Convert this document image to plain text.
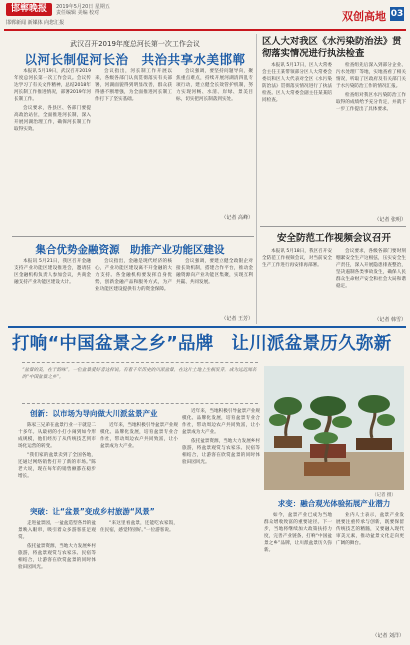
邯郸晚报	2019年5月20日 星期五
责任编辑 美编 校对
邯郸新闻 新媒体 向您汇报	双创高地 03
武汉召开2019年度总河长第一次工作会议
以河长制促河长治　共治共享水美邯郸

本报讯 5月19日，武汉召开2019年度总河长第一次工作会议。会议传达学习了有关文件精神，总结2018年河长制工作推进情况，部署2019年河长制工作。

会议要求，各县区、各部门要提高政治站位，全面推进河长制，深入开展河湖治理工作，确保河长制工作取得实效。

会议指出，河长制工作开展以来，各级各部门认真贯彻落实有关部署，河湖面貌得到明显改善，群众获得感不断增强，为全面推进河长制工作打下了坚实基础。

会议强调，要坚持问题导向，聚焦重点难点，持续开展河湖清四乱专项行动，建立健全长效管护机制，努力实现河畅、水清、岸绿、景美目标，切实把河长制落到实处。

（记者 高峰）
区人大对我区《水污染防治法》贯彻落实情况进行执法检查

本报讯 5月17日，区人大常委会主任王某带领部分区人大常委会委员和区人大代表对全区《水污染防治法》贯彻落实情况进行了执法检查。区人大常委会副主任某某陪同检查。

检查组先后深入到部分企业、污水处理厂等地，实地查看了相关情况，听取了区政府及有关部门关于水污染防治工作的情况汇报。

检查组对我区水污染防治工作取得的成绩给予充分肯定，并就下一步工作提出了具体要求。

（记者 张明）
安全防范工作视频会议召开

本报讯 5月18日，我区召开安全防范工作视频会议，对当前安全生产工作进行再安排再部署。

会议要求，各级各部门要时刻绷紧安全生产这根弦，压实安全生产责任，深入开展隐患排查整治，坚决遏制各类事故发生，确保人民群众生命财产安全和社会大局和谐稳定。

（记者 韩雪）
集合优势金融资源　助推产业功能区建设

本报讯 5月21日，我区召开金融支持产业功能区建设推进会，邀请驻区金融机构负责人参加会议，共商金融支持产业功能区建设大计。

会议指出，金融是现代经济的核心，产业功能区建设离不开金融的大力支持。各金融机构要发挥自身优势，创新金融产品和服务方式，为产业功能区建设提供有力的资金保障。

会议强调，要建立健全政银企对接长效机制，搭建合作平台，推动金融资源向产业功能区集聚，实现互利共赢、共同发展。

（记者 王芳）
打响“中国盆景之乡”品牌　让川派盆景历久弥新

“盆景的美，在于韵味”，一位盆景爱好者这样说。有着千年历史的川派盆景，在这片土地上生根发芽，成为远近闻名的“中国盆景之乡”。

创新：以市场为导向做大川派盆景产业

陈家三兄弟在盆景行业一干就是二十多年。从最初的小打小闹到如今形成规模，他们经历了从传统技艺到市场化运营的转变。

“我们家的盆景卖到了全国各地，还通过网络销售打开了新的市场。”陈老大说，现在每年的销售额都在稳步增长。

近年来，当地积极引导盆景产业规模化、品牌化发展，培育盆景专业合作社，带动周边农户共同致富，让小盆景成为大产业。

突破：让“盆景”变成乡村旅游“风景”

走进盆景园，一盆盆造型各异的盆景映入眼帘，吸引着众多游客驻足观赏。

依托盆景资源，当地大力发展乡村旅游，将盆景观赏与农家乐、民宿等相结合，让游客在欣赏盆景的同时体验田园风光。

“来这里看盆景，还能吃农家饭，住民宿，感觉特别好。”一位游客说。

近年来，当地积极引导盆景产业规模化、品牌化发展，培育盆景专业合作社，带动周边农户共同致富，让小盆景成为大产业。

依托盆景资源，当地大力发展乡村旅游，将盆景观赏与农家乐、民宿等相结合，让游客在欣赏盆景的同时体验田园风光。

（记者 摄）
求变：融合观光体验拓展产业潜力

如今，盆景产业已成为当地群众增收致富的重要途径。下一步，当地将继续加大政策扶持力度，完善产业链条，打响“中国盆景之乡”品牌，让川派盆景历久弥新。

业内人士表示，盆景产业发展要注重传承与创新，既要保留传统技艺的精髓，又要融入现代审美元素，推动盆景文化走向更广阔的舞台。

（记者 刘洋）
